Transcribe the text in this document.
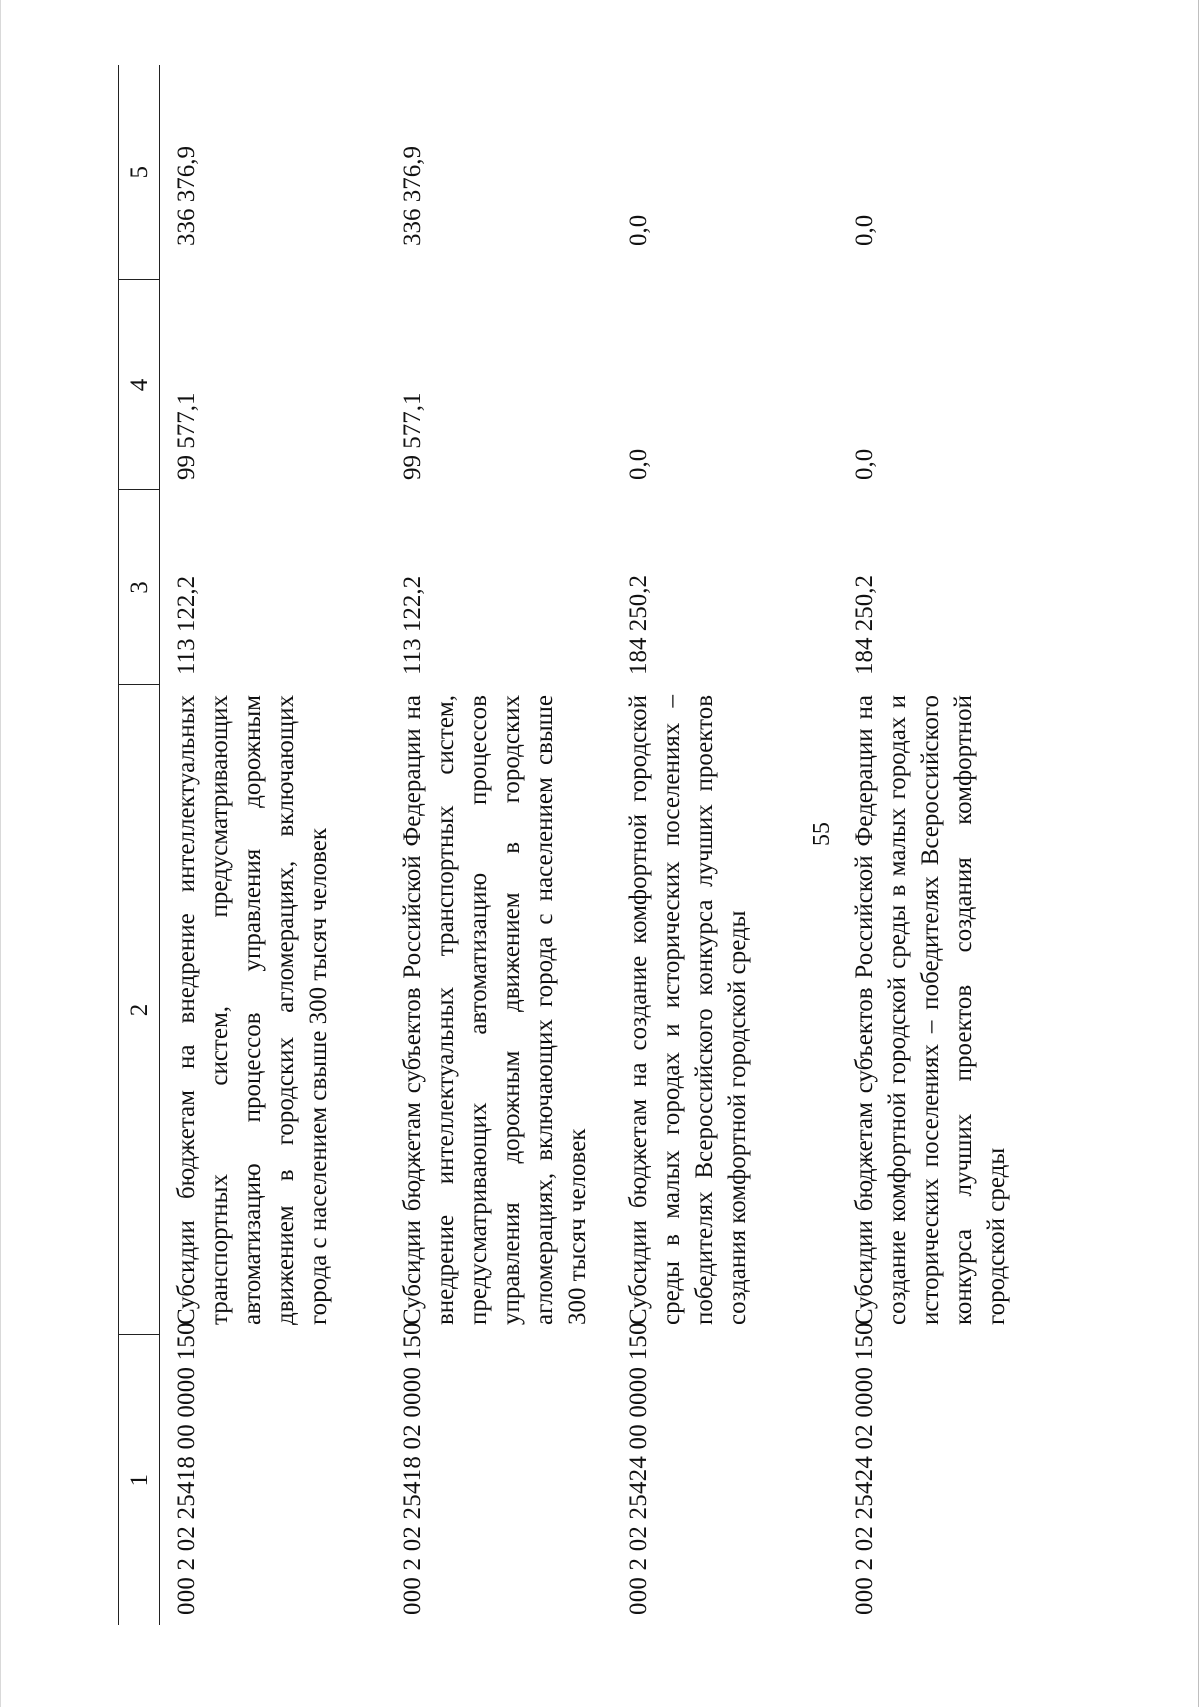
55
1	2	3	4	5
000 2 02 25418 00 0000 150	Субсидии бюджетам на внедрение интеллектуальных транспортных систем, предусматривающих автоматизацию процессов управления дорожным движением в городских агломерациях, включающих города с населением свыше 300 тысяч человек	113 122,2	99 577,1	336 376,9
000 2 02 25418 02 0000 150	Субсидии бюджетам субъектов Российской Федерации на внедрение интеллектуальных транспортных систем, предусматривающих автоматизацию процессов управления дорожным движением в городских агломерациях, включающих города с населением свыше 300 тысяч человек	113 122,2	99 577,1	336 376,9
000 2 02 25424 00 0000 150	Субсидии бюджетам на создание комфортной городской среды в малых городах и исторических поселениях – победителях Всероссийского конкурса лучших проектов создания комфортной городской среды	184 250,2	0,0	0,0
000 2 02 25424 02 0000 150	Субсидии бюджетам субъектов Российской Федерации на создание комфортной городской среды в малых городах и исторических поселениях – победителях Всероссийского конкурса лучших проектов создания комфортной городской среды	184 250,2	0,0	0,0
